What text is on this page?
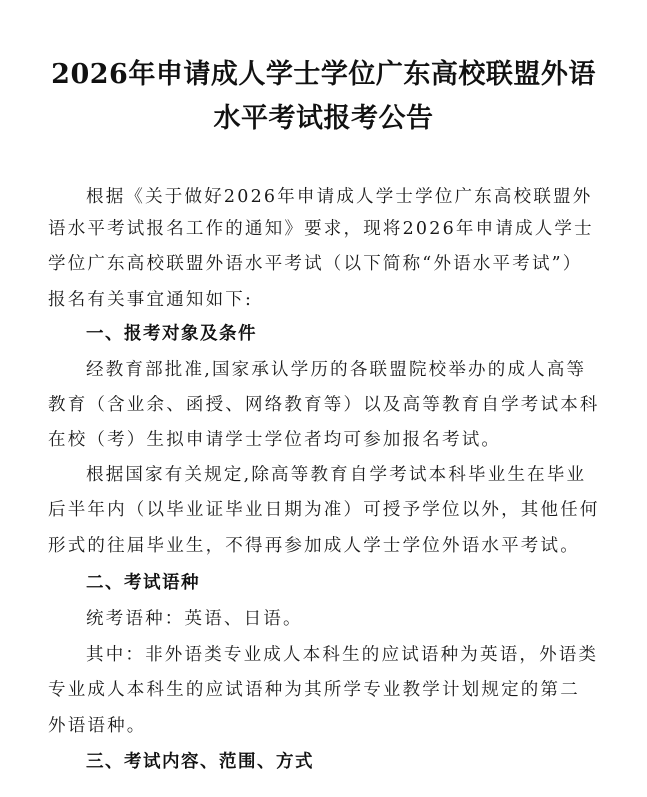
2026年申请成人学士学位广东高校联盟外语
水平考试报考公告
根据《关于做好2026年申请成人学士学位广东高校联盟外
语水平考试报名工作的通知》要求，现将2026年申请成人学士
学位广东高校联盟外语水平考试（以下简称“外语水平考试”）
报名有关事宜通知如下:
一、报考对象及条件
经教育部批准,国家承认学历的各联盟院校举办的成人高等
教育（含业余、函授、网络教育等）以及高等教育自学考试本科
在校（考）生拟申请学士学位者均可参加报名考试。
根据国家有关规定,除高等教育自学考试本科毕业生在毕业
后半年内（以毕业证毕业日期为准）可授予学位以外，其他任何
形式的往届毕业生，不得再参加成人学士学位外语水平考试。
二、考试语种
统考语种：英语、日语。
其中：非外语类专业成人本科生的应试语种为英语，外语类
专业成人本科生的应试语种为其所学专业教学计划规定的第二
外语语种。
三、考试内容、范围、方式
